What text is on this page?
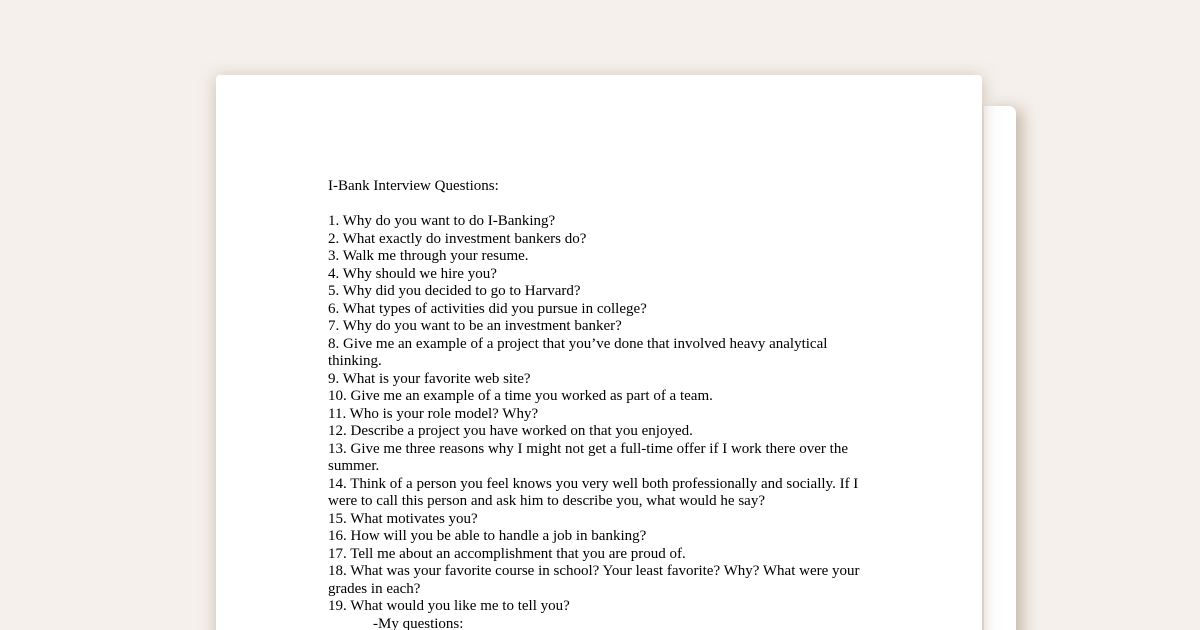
I-Bank Interview Questions:
1. Why do you want to do I-Banking?
2. What exactly do investment bankers do?
3. Walk me through your resume.
4. Why should we hire you?
5. Why did you decided to go to Harvard?
6. What types of activities did you pursue in college?
7. Why do you want to be an investment banker?
8. Give me an example of a project that you’ve done that involved heavy analytical
thinking.
9. What is your favorite web site?
10. Give me an example of a time you worked as part of a team.
11. Who is your role model? Why?
12. Describe a project you have worked on that you enjoyed.
13. Give me three reasons why I might not get a full-time offer if I work there over the
summer.
14. Think of a person you feel knows you very well both professionally and socially. If I
were to call this person and ask him to describe you, what would he say?
15. What motivates you?
16. How will you be able to handle a job in banking?
17. Tell me about an accomplishment that you are proud of.
18. What was your favorite course in school? Your least favorite? Why? What were your
grades in each?
19. What would you like me to tell you?
-My questions:
